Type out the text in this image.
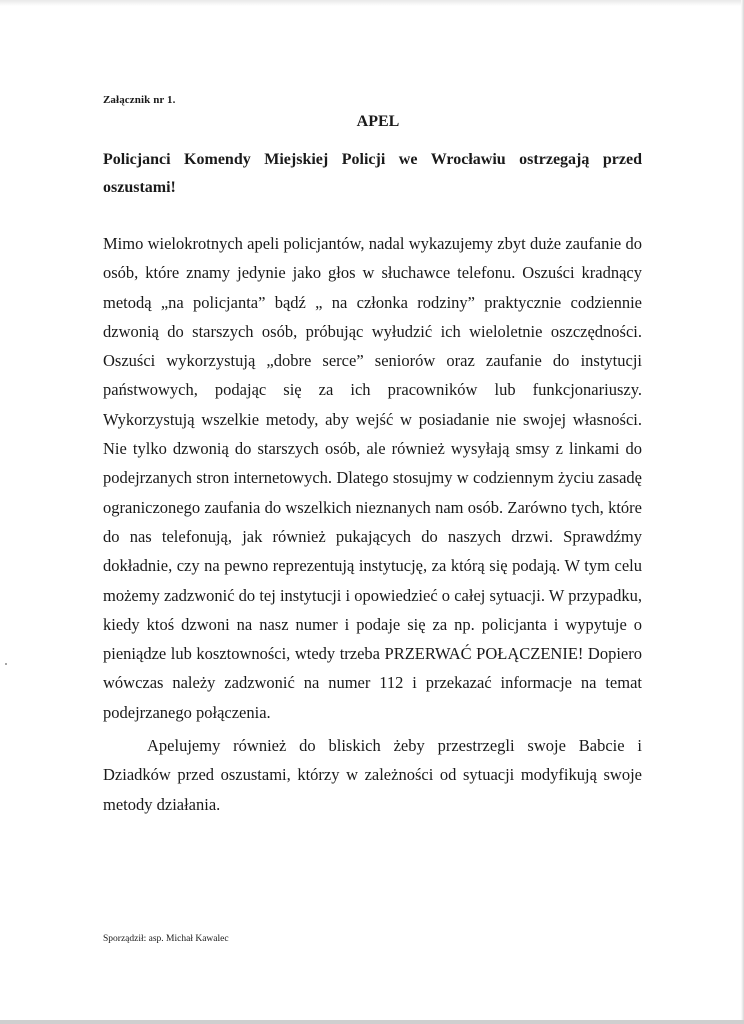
Załącznik nr 1.
APEL
Policjanci Komendy Miejskiej Policji we Wrocławiu ostrzegają przed oszustami!

Mimo wielokrotnych apeli policjantów, nadal wykazujemy zbyt duże zaufanie do osób, które znamy jedynie jako głos w słuchawce telefonu. Oszuści kradnący metodą „na policjanta” bądź „ na członka rodziny” praktycznie codziennie dzwonią do starszych osób, próbując wyłudzić ich wieloletnie oszczędności. Oszuści wykorzystują „dobre serce” seniorów oraz zaufanie do instytucji państwowych, podając się za ich pracowników lub funkcjonariuszy. Wykorzystują wszelkie metody, aby wejść w posiadanie nie swojej własności. Nie tylko dzwonią do starszych osób, ale również wysyłają smsy z linkami do podejrzanych stron internetowych. Dlatego stosujmy w codziennym życiu zasadę ograniczonego zaufania do wszelkich nieznanych nam osób. Zarówno tych, które do nas telefonują, jak również pukających do naszych drzwi. Sprawdźmy dokładnie, czy na pewno reprezentują instytucję, za którą się podają. W tym celu możemy zadzwonić do tej instytucji i opowiedzieć o całej sytuacji. W przypadku, kiedy ktoś dzwoni na nasz numer i podaje się za np. policjanta i wypytuje o pieniądze lub kosztowności, wtedy trzeba PRZERWAĆ POŁĄCZENIE! Dopiero wówczas należy zadzwonić na numer 112 i przekazać informacje na temat podejrzanego połączenia.

Apelujemy również do bliskich żeby przestrzegli swoje Babcie i Dziadków przed oszustami, którzy w zależności od sytuacji modyfikują swoje metody działania.

Sporządził: asp. Michał Kawalec
